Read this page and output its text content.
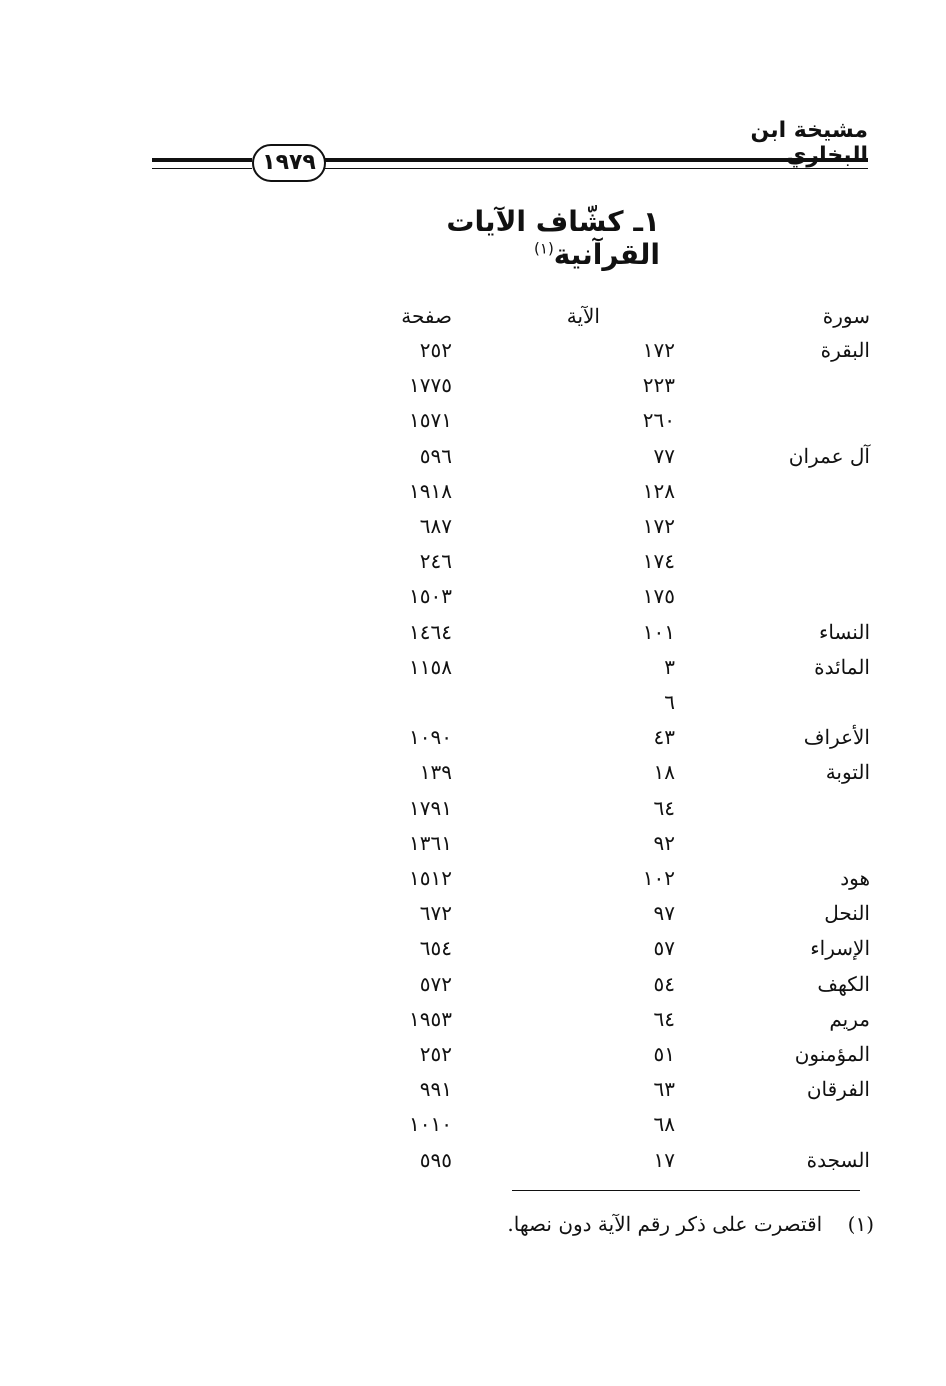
مشيخة ابن البخاري
١٩٧٩
١ـ كشّاف الآيات القرآنية$^{(١)}$
سورة
الآية
صفحة
البقرة
١٧٢
٢٥٢
٢٢٣
١٧٧٥
٢٦٠
١٥٧١
آل عمران
٧٧
٥٩٦
١٢٨
١٩١٨
١٧٢
٦٨٧
١٧٤
٢٤٦
١٧٥
١٥٠٣
النساء
١٠١
١٤٦٤
المائدة
٣
١١٥٨
٦
الأعراف
٤٣
١٠٩٠
التوبة
١٨
١٣٩
٦٤
١٧٩١
٩٢
١٣٦١
هود
١٠٢
١٥١٢
النحل
٩٧
٦٧٢
الإسراء
٥٧
٦٥٤
الكهف
٥٤
٥٧٢
مريم
٦٤
١٩٥٣
المؤمنون
٥١
٢٥٢
الفرقان
٦٣
٩٩١
٦٨
١٠١٠
السجدة
١٧
٥٩٥
(١)    اقتصرت على ذكر رقم الآية دون نصها.
